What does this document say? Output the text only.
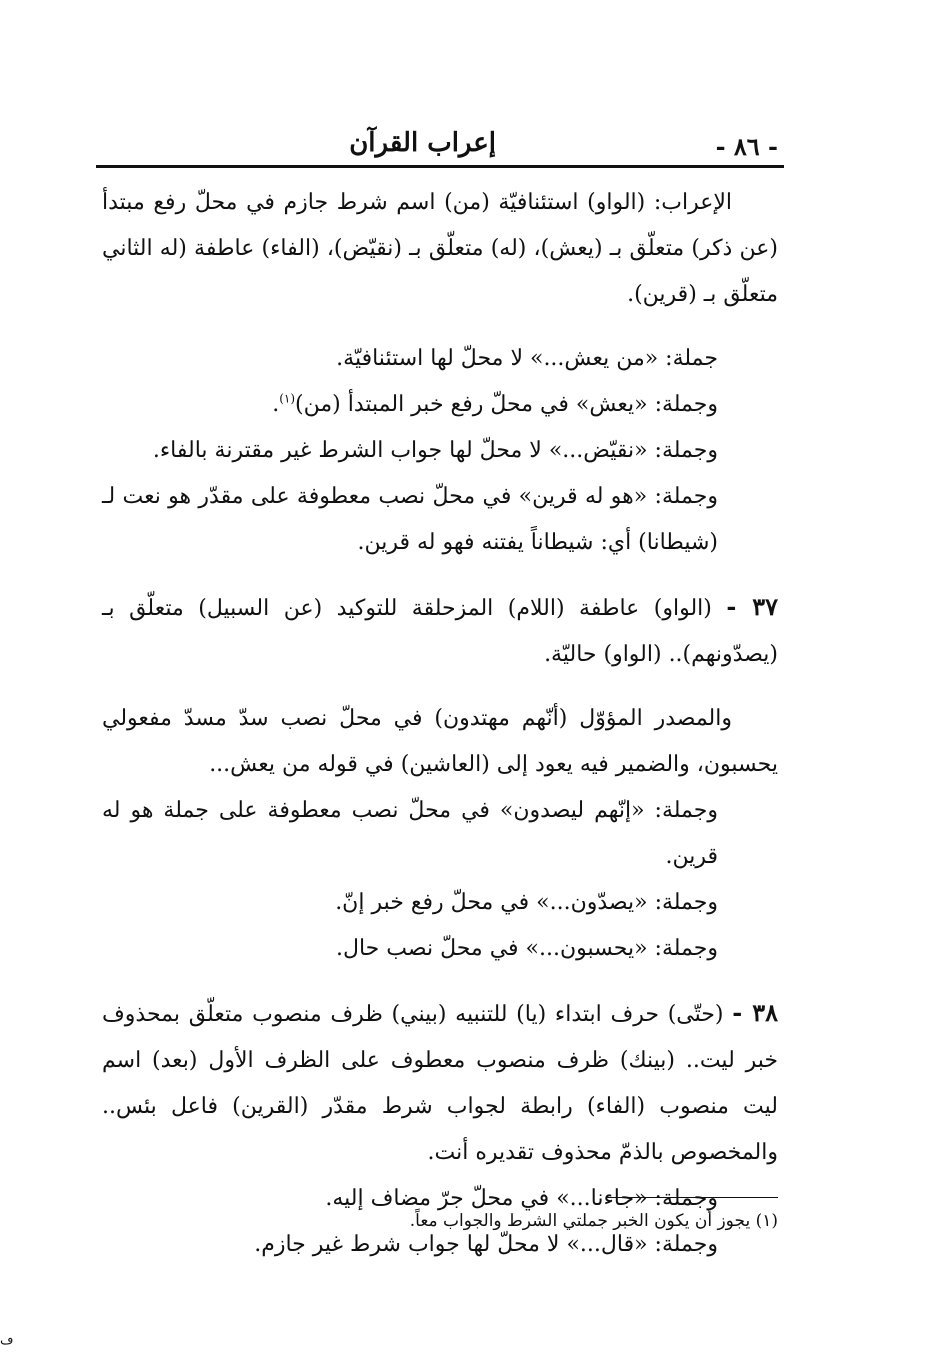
- ٨٦ -
إعراب القرآن

الإعراب: (الواو) استئنافيّة (من) اسم شرط جازم في محلّ رفع مبتدأ (عن ذكر) متعلّق بـ (يعش)، (له) متعلّق بـ (نقيّض)، (الفاء) عاطفة (له الثاني متعلّق بـ (قرين).

جملة: «من يعش...» لا محلّ لها استئنافيّة.

وجملة: «يعش» في محلّ رفع خبر المبتدأ (من)$^{(١)}$.

وجملة: «نقيّض...» لا محلّ لها جواب الشرط غير مقترنة بالفاء.

وجملة: «هو له قرين» في محلّ نصب معطوفة على مقدّر هو نعت لـ (شيطانا) أي: شيطاناً يفتنه فهو له قرين.

٣٧ - (الواو) عاطفة (اللام) المزحلقة للتوكيد (عن السبيل) متعلّق بـ (يصدّونهم).. (الواو) حاليّة.

والمصدر المؤوّل (أنّهم مهتدون) في محلّ نصب سدّ مسدّ مفعولي يحسبون، والضمير فيه يعود إلى (العاشين) في قوله من يعش...

وجملة: «إنّهم ليصدون» في محلّ نصب معطوفة على جملة هو له قرين.

وجملة: «يصدّون...» في محلّ رفع خبر إنّ.

وجملة: «يحسبون...» في محلّ نصب حال.

٣٨ - (حتّى) حرف ابتداء (يا) للتنبيه (بيني) ظرف منصوب متعلّق بمحذوف خبر ليت.. (بينك) ظرف منصوب معطوف على الظرف الأول (بعد) اسم ليت منصوب (الفاء) رابطة لجواب شرط مقدّر (القرين) فاعل بئس.. والمخصوص بالذمّ محذوف تقديره أنت.

وجملة: «جاءنا...» في محلّ جرّ مضاف إليه.

وجملة: «قال...» لا محلّ لها جواب شرط غير جازم.

(١) يجوز أن يكون الخبر جملتي الشرط والجواب معاً.
ڡ
